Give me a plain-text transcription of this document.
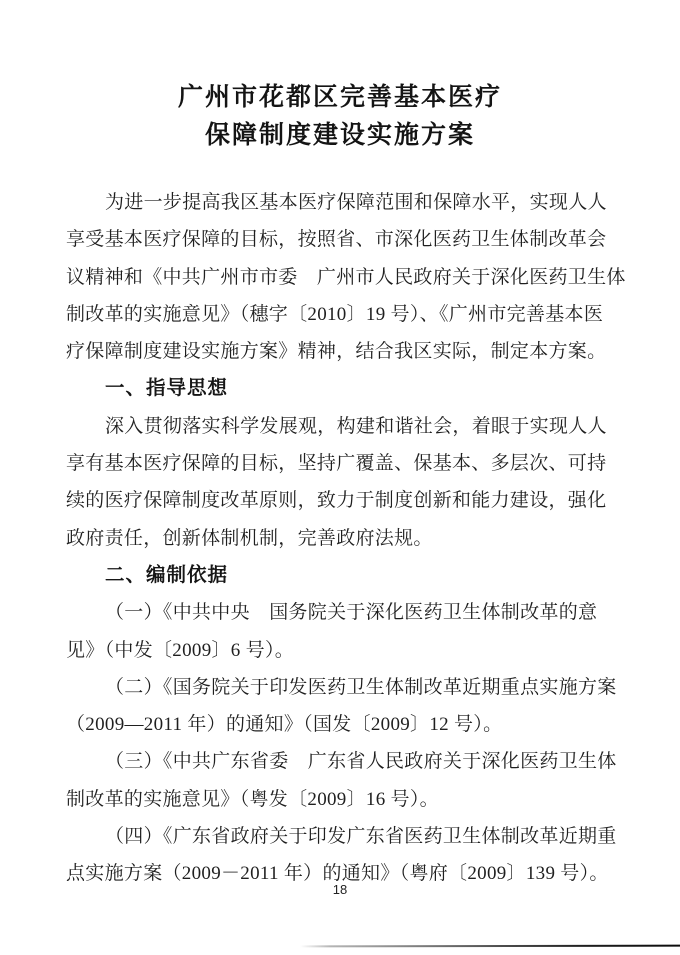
广州市花都区完善基本医疗
保障制度建设实施方案
为进一步提高我区基本医疗保障范围和保障水平，实现人人
享受基本医疗保障的目标，按照省、市深化医药卫生体制改革会
议精神和《中共广州市市委　广州市人民政府关于深化医药卫生体
制改革的实施意见》（穗字〔2010〕19 号）、《广州市完善基本医
疗保障制度建设实施方案》精神，结合我区实际，制定本方案。
一、指导思想
深入贯彻落实科学发展观，构建和谐社会，着眼于实现人人
享有基本医疗保障的目标，坚持广覆盖、保基本、多层次、可持
续的医疗保障制度改革原则，致力于制度创新和能力建设，强化
政府责任，创新体制机制，完善政府法规。
二、编制依据
（一）《中共中央　国务院关于深化医药卫生体制改革的意
见》（中发〔2009〕6 号）。
（二）《国务院关于印发医药卫生体制改革近期重点实施方案
（2009—2011 年）的通知》（国发〔2009〕12 号）。
（三）《中共广东省委　广东省人民政府关于深化医药卫生体
制改革的实施意见》（粤发〔2009〕16 号）。
（四）《广东省政府关于印发广东省医药卫生体制改革近期重
点实施方案（2009－2011 年）的通知》（粤府〔2009〕139 号）。
18
